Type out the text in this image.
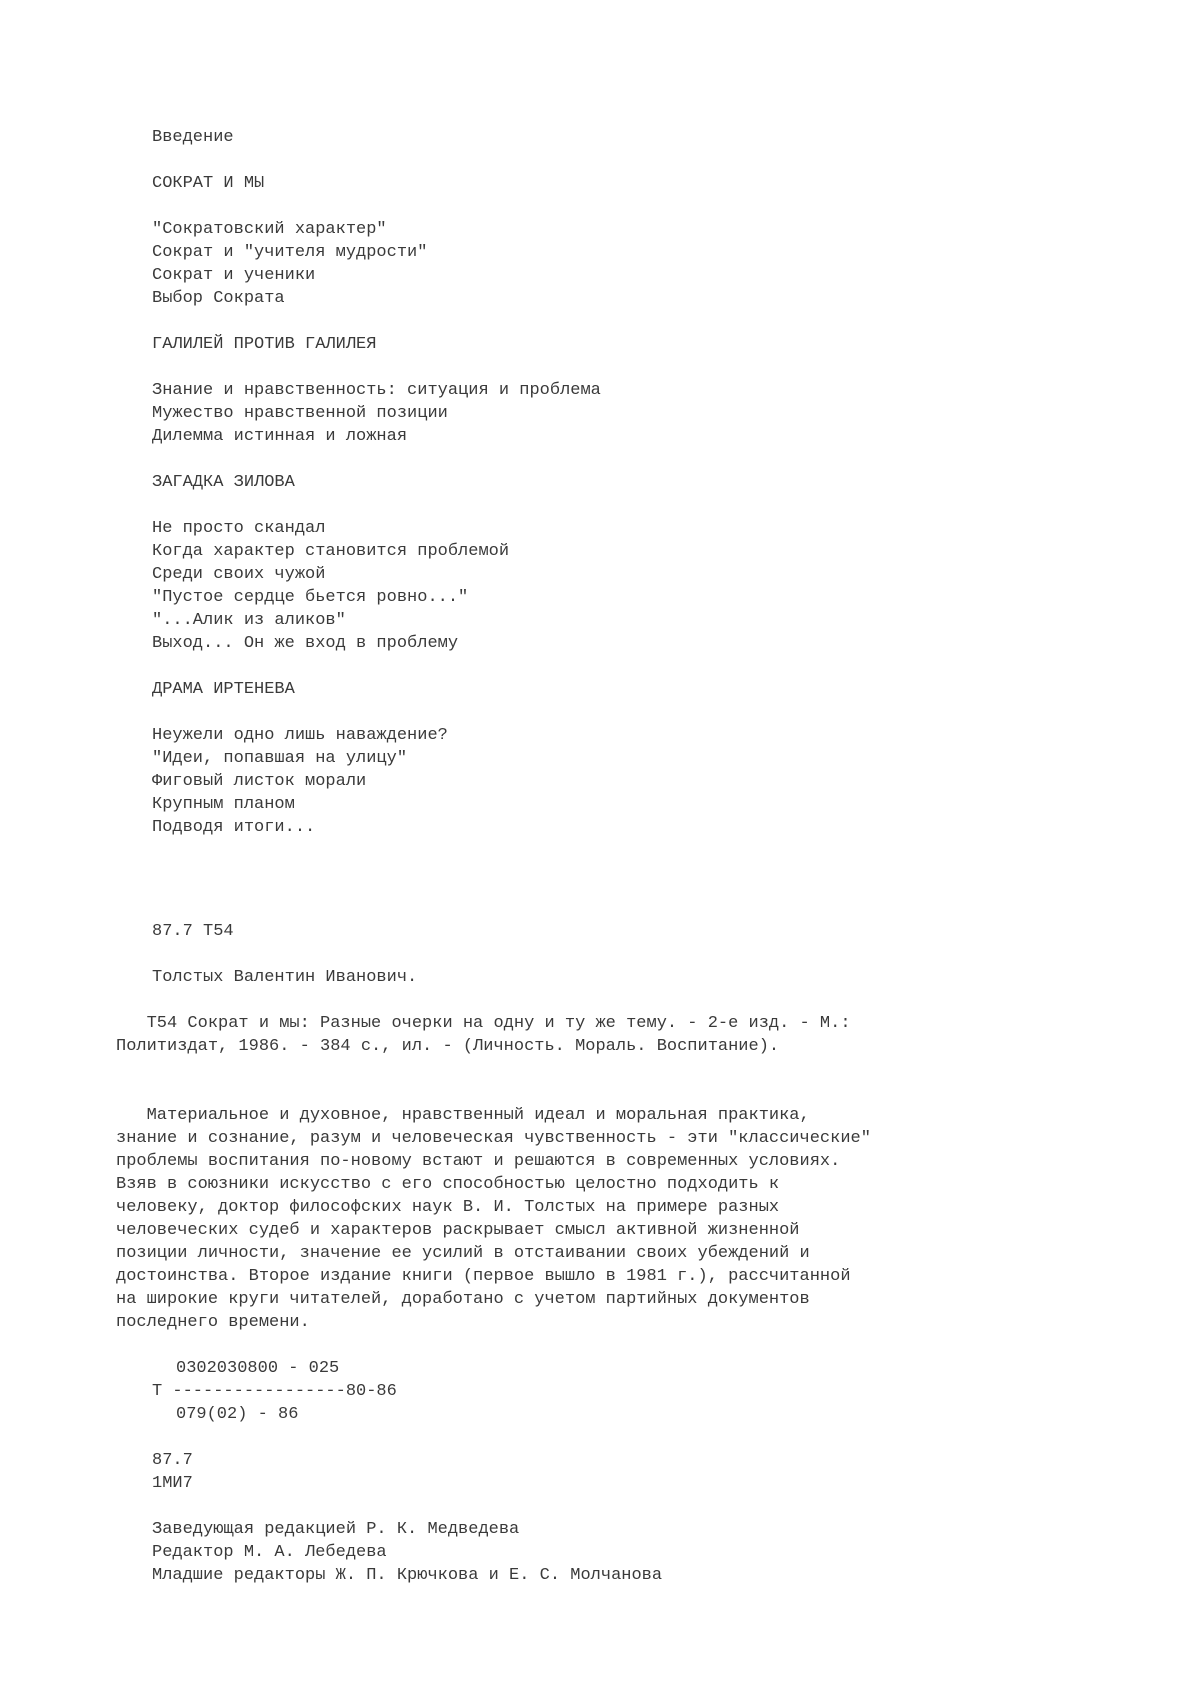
Введение
СОКРАТ И МЫ
"Сократовский характер"
Сократ и "учителя мудрости"
Сократ и ученики
Выбор Сократа
ГАЛИЛЕЙ ПРОТИВ ГАЛИЛЕЯ
Знание и нравственность: ситуация и проблема
Мужество нравственной позиции
Дилемма истинная и ложная
ЗАГАДКА ЗИЛОВА
Не просто скандал
Когда характер становится проблемой
Среди своих чужой
"Пустое сердце бьется ровно..."
"...Алик из аликов"
Выход... Он же вход в проблему
ДРАМА ИРТЕНЕВА
Неужели одно лишь наваждение?
"Идеи, попавшая на улицу"
Фиговый листок морали
Крупным планом
Подводя итоги...
87.7 Т54
Толстых Валентин Иванович.
Т54 Сократ и мы: Разные очерки на одну и ту же тему. - 2-е изд. - М.:
Политиздат, 1986. - 384 с., ил. - (Личность. Мораль. Воспитание).
Материальное и духовное, нравственный идеал и моральная практика,
знание и сознание, разум и человеческая чувственность - эти "классические"
проблемы воспитания по-новому встают и решаются в современных условиях.
Взяв в союзники искусство с его способностью целостно подходить к
человеку, доктор философских наук В. И. Толстых на примере разных
человеческих судеб и характеров раскрывает смысл активной жизненной
позиции личности, значение ее усилий в отстаивании своих убеждений и
достоинства. Второе издание книги (первое вышло в 1981 г.), рассчитанной
на широкие круги читателей, доработано с учетом партийных документов
последнего времени.
0302030800 - 025
Т -----------------80-86
079(02) - 86
87.7
1МИ7
Заведующая редакцией Р. К. Медведева
Редактор М. А. Лебедева
Младшие редакторы Ж. П. Крючкова и Е. С. Молчанова
